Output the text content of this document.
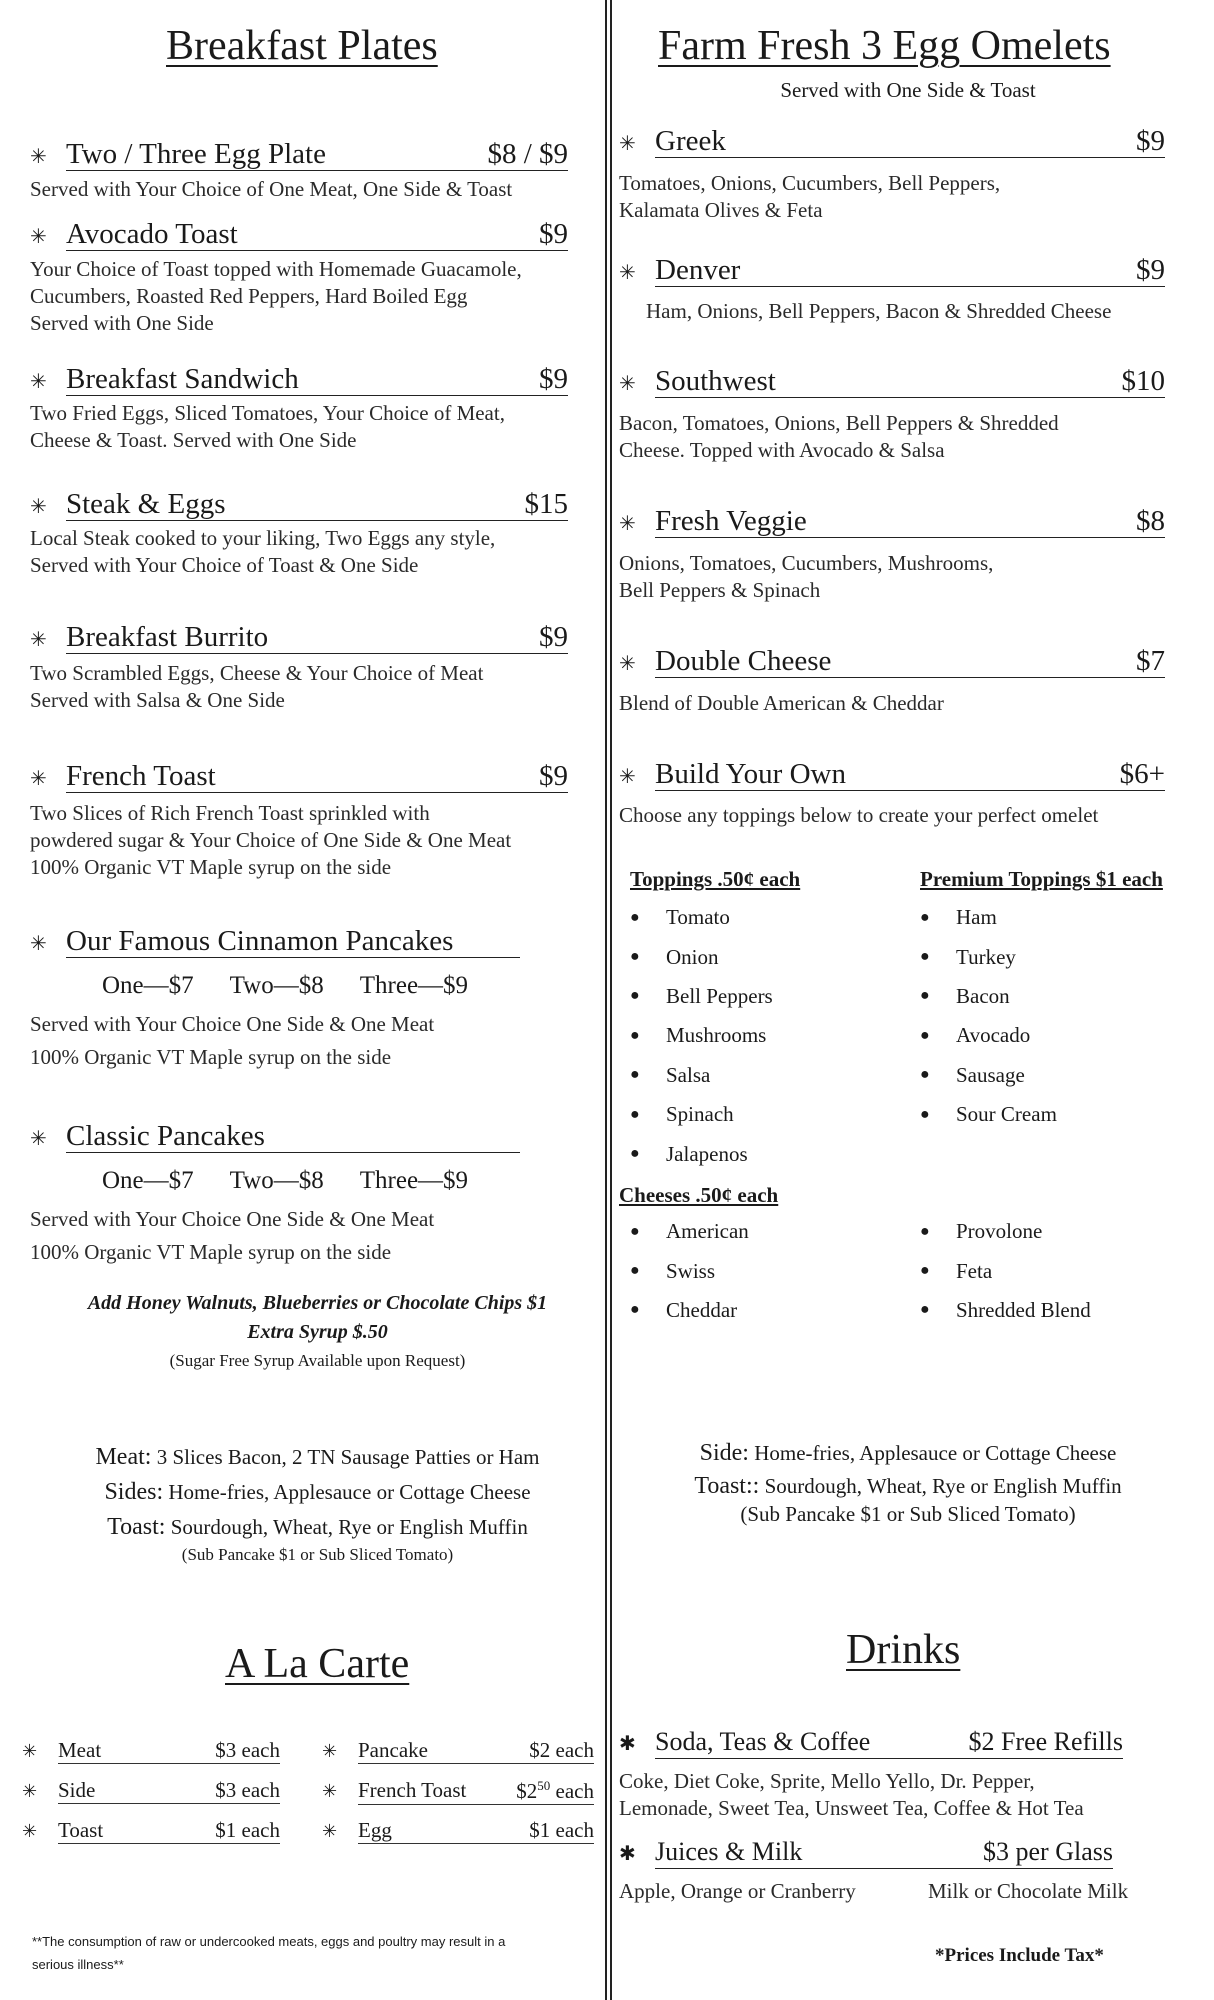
Breakfast Plates
✳ Two / Three Egg Plate	$8 / $9
Served with Your Choice of One Meat, One Side & Toast
✳ Avocado Toast	$9
Your Choice of Toast topped with Homemade Guacamole,
Cucumbers, Roasted Red Peppers, Hard Boiled Egg
Served with One Side
✳ Breakfast Sandwich	$9
Two Fried Eggs, Sliced Tomatoes, Your Choice of Meat,
Cheese & Toast. Served with One Side
✳ Steak & Eggs	$15
Local Steak cooked to your liking, Two Eggs any style,
Served with Your Choice of Toast & One Side
✳ Breakfast Burrito	$9
Two Scrambled Eggs, Cheese & Your Choice of Meat
Served with Salsa & One Side
✳ French Toast	$9
Two Slices of Rich French Toast sprinkled with
powdered sugar & Your Choice of One Side & One Meat
100% Organic VT Maple syrup on the side
✳ Our Famous Cinnamon Pancakes
One—$7 Two—$8 Three—$9
Served with Your Choice One Side & One Meat
100% Organic VT Maple syrup on the side
✳ Classic Pancakes
One—$7 Two—$8 Three—$9
Served with Your Choice One Side & One Meat
100% Organic VT Maple syrup on the side
Add Honey Walnuts, Blueberries or Chocolate Chips $1
Extra Syrup $.50
(Sugar Free Syrup Available upon Request)
Meat: 3 Slices Bacon, 2 TN Sausage Patties or Ham
Sides: Home-fries, Applesauce or Cottage Cheese
Toast: Sourdough, Wheat, Rye or English Muffin
(Sub Pancake $1 or Sub Sliced Tomato)
A La Carte
✳ Meat	$3 each ✳ Pancake	$2 each
✳ Side	$3 each ✳ French Toast $\$2^{50}$ each
✳ Toast	$1 each ✳ Egg	$1 each
**The consumption of raw or undercooked meats, eggs and poultry may result in a
serious illness**
Farm Fresh 3 Egg Omelets
Served with One Side & Toast
✳ Greek	$9
Tomatoes, Onions, Cucumbers, Bell Peppers,
Kalamata Olives & Feta
✳ Denver	$9
Ham, Onions, Bell Peppers, Bacon & Shredded Cheese
✳ Southwest	$10
Bacon, Tomatoes, Onions, Bell Peppers & Shredded
Cheese. Topped with Avocado & Salsa
✳ Fresh Veggie	$8
Onions, Tomatoes, Cucumbers, Mushrooms,
Bell Peppers & Spinach
✳ Double Cheese	$7
Blend of Double American & Cheddar
✳ Build Your Own	$6+
Choose any toppings below to create your perfect omelet
Toppings .50¢ each	Premium Toppings $1 each
●	Tomato
●	Onion
●	Bell Peppers
●	Mushrooms
●	Salsa
●	Spinach
●	Jalapenos
●	Ham
●	Turkey
●	Bacon
●	Avocado
●	Sausage
●	Sour Cream
Cheeses .50¢ each
●	American
●	Swiss
●	Cheddar
●	Provolone
●	Feta
●	Shredded Blend
Side: Home-fries, Applesauce or Cottage Cheese
Toast:: Sourdough, Wheat, Rye or English Muffin
(Sub Pancake $1 or Sub Sliced Tomato)
Drinks
✱ Soda, Teas & Coffee	$2 Free Refills
Coke, Diet Coke, Sprite, Mello Yello, Dr. Pepper,
Lemonade, Sweet Tea, Unsweet Tea, Coffee & Hot Tea
✱ Juices & Milk	$3 per Glass
Apple, Orange or Cranberry	Milk or Chocolate Milk
*Prices Include Tax*
